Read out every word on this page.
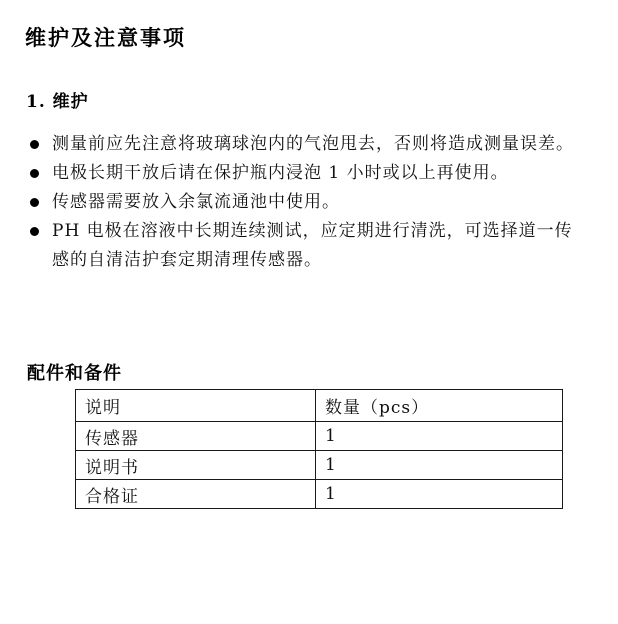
维护及注意事项
1. 维护
测量前应先注意将玻璃球泡内的气泡甩去，否则将造成测量误差。
电极长期干放后请在保护瓶内浸泡 1 小时或以上再使用。
传感器需要放入余氯流通池中使用。
PH 电极在溶液中长期连续测试，应定期进行清洗，可选择道一传
感的自清洁护套定期清理传感器。
配件和备件
说明	数量（pcs）
传感器	1
说明书	1
合格证	1
